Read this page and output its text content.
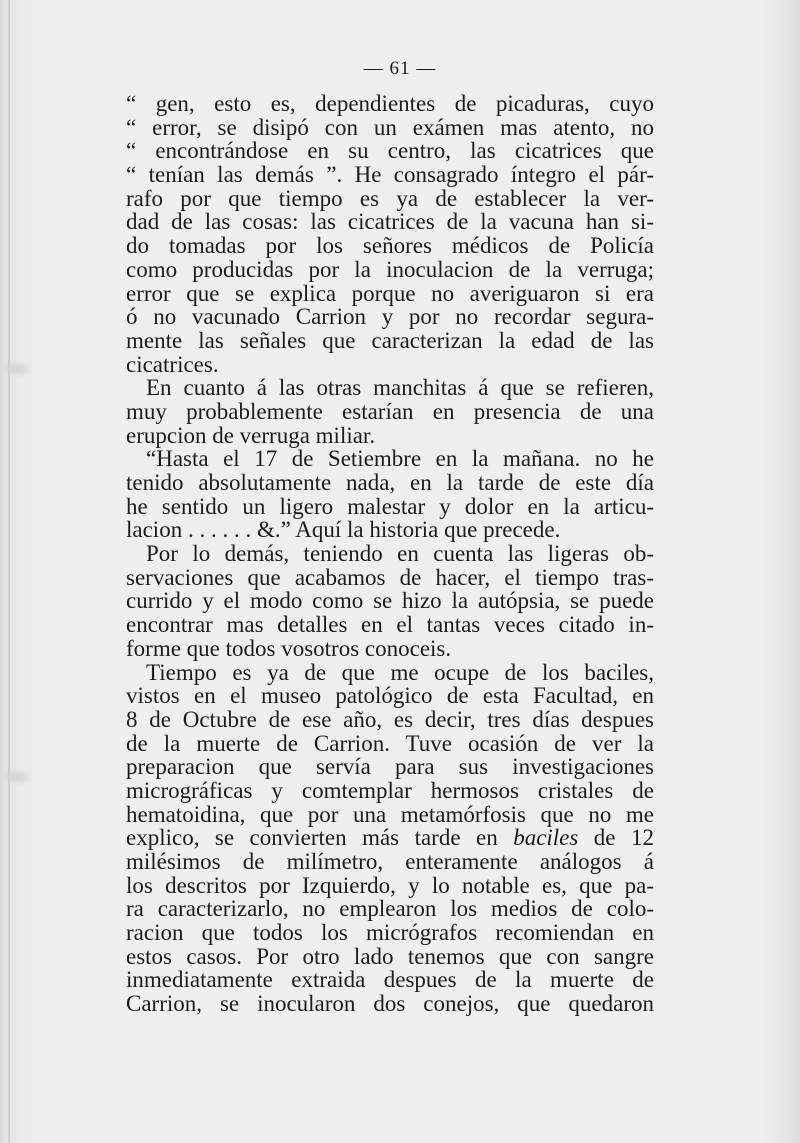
— 61 —
“ gen, esto es, dependientes de picaduras, cuyo
“ error, se disipó con un exámen mas atento, no
“ encontrándose en su centro, las cicatrices que
“ tenían las demás ”. He consagrado íntegro el pár-
rafo por que tiempo es ya de establecer la ver-
dad de las cosas: las cicatrices de la vacuna han si-
do tomadas por los señores médicos de Policía
como producidas por la inoculacion de la verruga;
error que se explica porque no averiguaron si era
ó no vacunado Carrion y por no recordar segura-
mente las señales que caracterizan la edad de las
cicatrices.
En cuanto á las otras manchitas á que se refieren,
muy probablemente estarían en presencia de una
erupcion de verruga miliar.
“Hasta el 17 de Setiembre en la mañana. no he
tenido absolutamente nada, en la tarde de este día
he sentido un ligero malestar y dolor en la articu-
lacion . . . . . . &.” Aquí la historia que precede.
Por lo demás, teniendo en cuenta las ligeras ob-
servaciones que acabamos de hacer, el tiempo tras-
currido y el modo como se hizo la autópsia, se puede
encontrar mas detalles en el tantas veces citado in-
forme que todos vosotros conoceis.
Tiempo es ya de que me ocupe de los baciles,
vistos en el museo patológico de esta Facultad, en
8 de Octubre de ese año, es decir, tres días despues
de la muerte de Carrion. Tuve ocasión de ver la
preparacion que servía para sus investigaciones
micrográficas y comtemplar hermosos cristales de
hematoidina, que por una metamórfosis que no me
explico, se convierten más tarde en baciles de 12
milésimos de milímetro, enteramente análogos á
los descritos por Izquierdo, y lo notable es, que pa-
ra caracterizarlo, no emplearon los medios de colo-
racion que todos los micrógrafos recomiendan en
estos casos. Por otro lado tenemos que con sangre
inmediatamente extraida despues de la muerte de
Carrion, se inocularon dos conejos, que quedaron
